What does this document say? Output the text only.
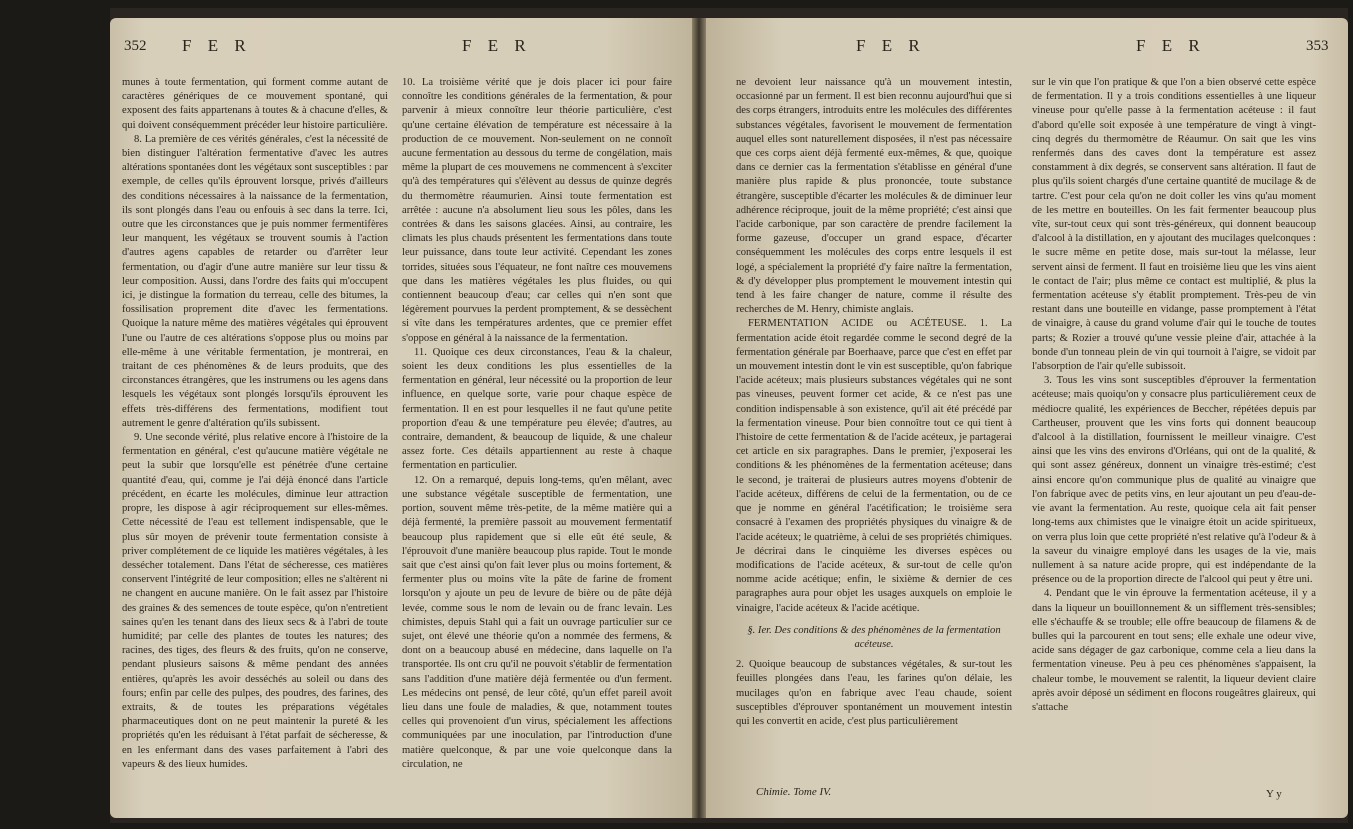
352 F E R	F E R

munes à toute fermentation, qui forment comme autant de caractères génériques de ce mouvement spontané, qui exposent des faits appartenans à toutes & à chacune d'elles, & qui doivent conséquemment précéder leur histoire particulière.

8. La première de ces vérités générales, c'est la nécessité de bien distinguer l'altération fermentative d'avec les autres altérations spontanées dont les végétaux sont susceptibles : par exemple, de celles qu'ils éprouvent lorsque, privés d'ailleurs des conditions nécessaires à la naissance de la fermentation, ils sont plongés dans l'eau ou enfouis à sec dans la terre. Ici, outre que les circonstances que je puis nommer fermentifères leur manquent, les végétaux se trouvent soumis à l'action d'autres agens capables de retarder ou d'arrêter leur fermentation, ou d'agir d'une autre manière sur leur tissu & leur composition. Aussi, dans l'ordre des faits qui m'occupent ici, je distingue la formation du terreau, celle des bitumes, la fossilisation proprement dite d'avec les fermentations. Quoique la nature même des matières végétales qui éprouvent l'une ou l'autre de ces altérations s'oppose plus ou moins par elle-même à une véritable fermentation, je montrerai, en traitant de ces phénomènes & de leurs produits, que des circonstances étrangères, que les instrumens ou les agens dans lesquels les végétaux sont plongés lorsqu'ils éprouvent les effets très-différens des fermentations, modifient tout autrement le genre d'altération qu'ils subissent.

9. Une seconde vérité, plus relative encore à l'histoire de la fermentation en général, c'est qu'aucune matière végétale ne peut la subir que lorsqu'elle est pénétrée d'une certaine quantité d'eau, qui, comme je l'ai déjà énoncé dans l'article précédent, en écarte les molécules, diminue leur attraction propre, les dispose à agir réciproquement sur elles-mêmes. Cette nécessité de l'eau est tellement indispensable, que le plus sûr moyen de prévenir toute fermentation consiste à priver complétement de ce liquide les matières végétales, à les dessécher totalement. Dans l'état de sécheresse, ces matières conservent l'intégrité de leur composition; elles ne s'altèrent ni ne changent en aucune manière. On le fait assez par l'histoire des graines & des semences de toute espèce, qu'on n'entretient saines qu'en les tenant dans des lieux secs & à l'abri de toute humidité; par celle des plantes de toutes les natures; des racines, des tiges, des fleurs & des fruits, qu'on ne conserve, pendant plusieurs saisons & même pendant des années entières, qu'après les avoir desséchés au soleil ou dans des fours; enfin par celle des pulpes, des poudres, des farines, des extraits, & de toutes les préparations végétales pharmaceutiques dont on ne peut maintenir la pureté & les propriétés qu'en les réduisant à l'état parfait de sécheresse, & en les enfermant dans des vases parfaitement à l'abri des vapeurs & des lieux humides.

10. La troisième vérité que je dois placer ici pour faire connoître les conditions générales de la fermentation, & pour parvenir à mieux connoître leur théorie particulière, c'est qu'une certaine élévation de température est nécessaire à la production de ce mouvement. Non-seulement on ne connoît aucune fermentation au dessous du terme de congélation, mais même la plupart de ces mouvemens ne commencent à s'exciter qu'à des températures qui s'élèvent au dessus de quinze degrés du thermomètre réaumurien. Ainsi toute fermentation est arrêtée : aucune n'a absolument lieu sous les pôles, dans les contrées & dans les saisons glacées. Ainsi, au contraire, les climats les plus chauds présentent les fermentations dans toute leur puissance, dans toute leur activité. Cependant les zones torrides, situées sous l'équateur, ne font naître ces mouvemens que dans les matières végétales les plus fluides, ou qui contiennent beaucoup d'eau; car celles qui n'en sont que légèrement pourvues la perdent promptement, & se dessèchent si vîte dans les températures ardentes, que ce premier effet s'oppose en général à la naissance de la fermentation.

11. Quoique ces deux circonstances, l'eau & la chaleur, soient les deux conditions les plus essentielles de la fermentation en général, leur nécessité ou la proportion de leur influence, en quelque sorte, varie pour chaque espèce de fermentation. Il en est pour lesquelles il ne faut qu'une petite proportion d'eau & une température peu élevée; d'autres, au contraire, demandent, & beaucoup de liquide, & une chaleur assez forte. Ces détails appartiennent au reste à chaque fermentation en particulier.

12. On a remarqué, depuis long-tems, qu'en mêlant, avec une substance végétale susceptible de fermentation, une portion, souvent même très-petite, de la même matière qui a déjà fermenté, la première passoit au mouvement fermentatif beaucoup plus rapidement que si elle eût été seule, & l'éprouvoit d'une manière beaucoup plus rapide. Tout le monde sait que c'est ainsi qu'on fait lever plus ou moins fortement, & fermenter plus ou moins vîte la pâte de farine de froment lorsqu'on y ajoute un peu de levure de bière ou de pâte déjà levée, comme sous le nom de levain ou de franc levain. Les chimistes, depuis Stahl qui a fait un ouvrage particulier sur ce sujet, ont élevé une théorie qu'on a nommée des fermens, & dont on a beaucoup abusé en médecine, dans laquelle on l'a transportée. Ils ont cru qu'il ne pouvoit s'établir de fermentation sans l'addition d'une matière déjà fermentée ou d'un ferment. Les médecins ont pensé, de leur côté, qu'un effet pareil avoit lieu dans une foule de maladies, & que, notamment toutes celles qui provenoient d'un virus, spécialement les affections communiquées par une inoculation, par l'introduction d'une matière quelconque, & par une voie quelconque dans la circulation, ne

F E R	F E R	353

ne devoient leur naissance qu'à un mouvement intestin, occasionné par un ferment. Il est bien reconnu aujourd'hui que si des corps étrangers, introduits entre les molécules des différentes substances végétales, favorisent le mouvement de fermentation auquel elles sont naturellement disposées, il n'est pas nécessaire que ces corps aient déjà fermenté eux-mêmes, & que, quoique dans ce dernier cas la fermentation s'établisse en général d'une manière plus rapide & plus prononcée, toute substance étrangère, susceptible d'écarter les molécules & de diminuer leur adhérence réciproque, jouit de la même propriété; c'est ainsi que l'acide carbonique, par son caractère de prendre facilement la forme gazeuse, d'occuper un grand espace, d'écarter conséquemment les molécules des corps entre lesquels il est logé, a spécialement la propriété d'y faire naître la fermentation, & d'y développer plus promptement le mouvement intestin qui tend à les faire changer de nature, comme il résulte des recherches de M. Henry, chimiste anglais.

FERMENTATION ACIDE ou ACÉTEUSE. 1. La fermentation acide étoit regardée comme le second degré de la fermentation générale par Boerhaave, parce que c'est en effet par un mouvement intestin dont le vin est susceptible, qu'on fabrique l'acide acéteux; mais plusieurs substances végétales qui ne sont pas vineuses, peuvent former cet acide, & ce n'est pas une condition indispensable à son existence, qu'il ait été précédé par la fermentation vineuse. Pour bien connoître tout ce qui tient à l'histoire de cette fermentation & de l'acide acéteux, je partagerai cet article en six paragraphes. Dans le premier, j'exposerai les conditions & les phénomènes de la fermentation acéteuse; dans le second, je traiterai de plusieurs autres moyens d'obtenir de l'acide acéteux, différens de celui de la fermentation, ou de ce que je nomme en général l'acétification; le troisième sera consacré à l'examen des propriétés physiques du vinaigre & de l'acide acéteux; le quatrième, à celui de ses propriétés chimiques. Je décrirai dans le cinquième les diverses espèces ou modifications de l'acide acéteux, & sur-tout de celle qu'on nomme acide acétique; enfin, le sixième & dernier de ces paragraphes aura pour objet les usages auxquels on emploie le vinaigre, l'acide acéteux & l'acide acétique.

§. Ier. Des conditions & des phénomènes de la fermentation acéteuse.

2. Quoique beaucoup de substances végétales, & sur-tout les feuilles plongées dans l'eau, les farines qu'on délaie, les mucilages qu'on en fabrique avec l'eau chaude, soient susceptibles d'éprouver spontanément un mouvement intestin qui les convertit en acide, c'est plus particulièrement

Chimie. Tome IV.

sur le vin que l'on pratique & que l'on a bien observé cette espèce de fermentation. Il y a trois conditions essentielles à une liqueur vineuse pour qu'elle passe à la fermentation acéteuse : il faut d'abord qu'elle soit exposée à une température de vingt à vingt-cinq degrés du thermomètre de Réaumur. On sait que les vins renfermés dans des caves dont la température est assez constamment à dix degrés, se conservent sans altération. Il faut de plus qu'ils soient chargés d'une certaine quantité de mucilage & de tartre. C'est pour cela qu'on ne doit coller les vins qu'au moment de les mettre en bouteilles. On les fait fermenter beaucoup plus vîte, sur-tout ceux qui sont très-généreux, qui donnent beaucoup d'alcool à la distillation, en y ajoutant des mucilages quelconques : le sucre même en petite dose, mais sur-tout la mélasse, leur servent ainsi de ferment. Il faut en troisième lieu que les vins aient le contact de l'air; plus même ce contact est multiplié, & plus la fermentation acéteuse s'y établit promptement. Très-peu de vin restant dans une bouteille en vidange, passe promptement à l'état de vinaigre, à cause du grand volume d'air qui le touche de toutes parts; & Rozier a trouvé qu'une vessie pleine d'air, attachée à la bonde d'un tonneau plein de vin qui tournoit à l'aigre, se vidoit par l'absorption de l'air qu'elle subissoit.

3. Tous les vins sont susceptibles d'éprouver la fermentation acéteuse; mais quoiqu'on y consacre plus particulièrement ceux de médiocre qualité, les expériences de Beccher, répétées depuis par Cartheuser, prouvent que les vins forts qui donnent beaucoup d'alcool à la distillation, fournissent le meilleur vinaigre. C'est ainsi que les vins des environs d'Orléans, qui ont de la qualité, & qui sont assez généreux, donnent un vinaigre très-estimé; c'est ainsi encore qu'on communique plus de qualité au vinaigre que l'on fabrique avec de petits vins, en leur ajoutant un peu d'eau-de-vie avant la fermentation. Au reste, quoique cela ait fait penser long-tems aux chimistes que le vinaigre étoit un acide spiritueux, on verra plus loin que cette propriété n'est relative qu'à l'odeur & à la saveur du vinaigre employé dans les usages de la vie, mais nullement à sa nature acide propre, qui est indépendante de la présence ou de la proportion directe de l'alcool qui peut y être uni.

4. Pendant que le vin éprouve la fermentation acéteuse, il y a dans la liqueur un bouillonnement & un sifflement très-sensibles; elle s'échauffe & se trouble; elle offre beaucoup de filamens & de bulles qui la parcourent en tout sens; elle exhale une odeur vive, acide sans dégager de gaz carbonique, comme cela a lieu dans la fermentation vineuse. Peu à peu ces phénomènes s'appaisent, la chaleur tombe, le mouvement se ralentit, la liqueur devient claire après avoir déposé un sédiment en flocons rougeâtres glaireux, qui s'attache

Y y
